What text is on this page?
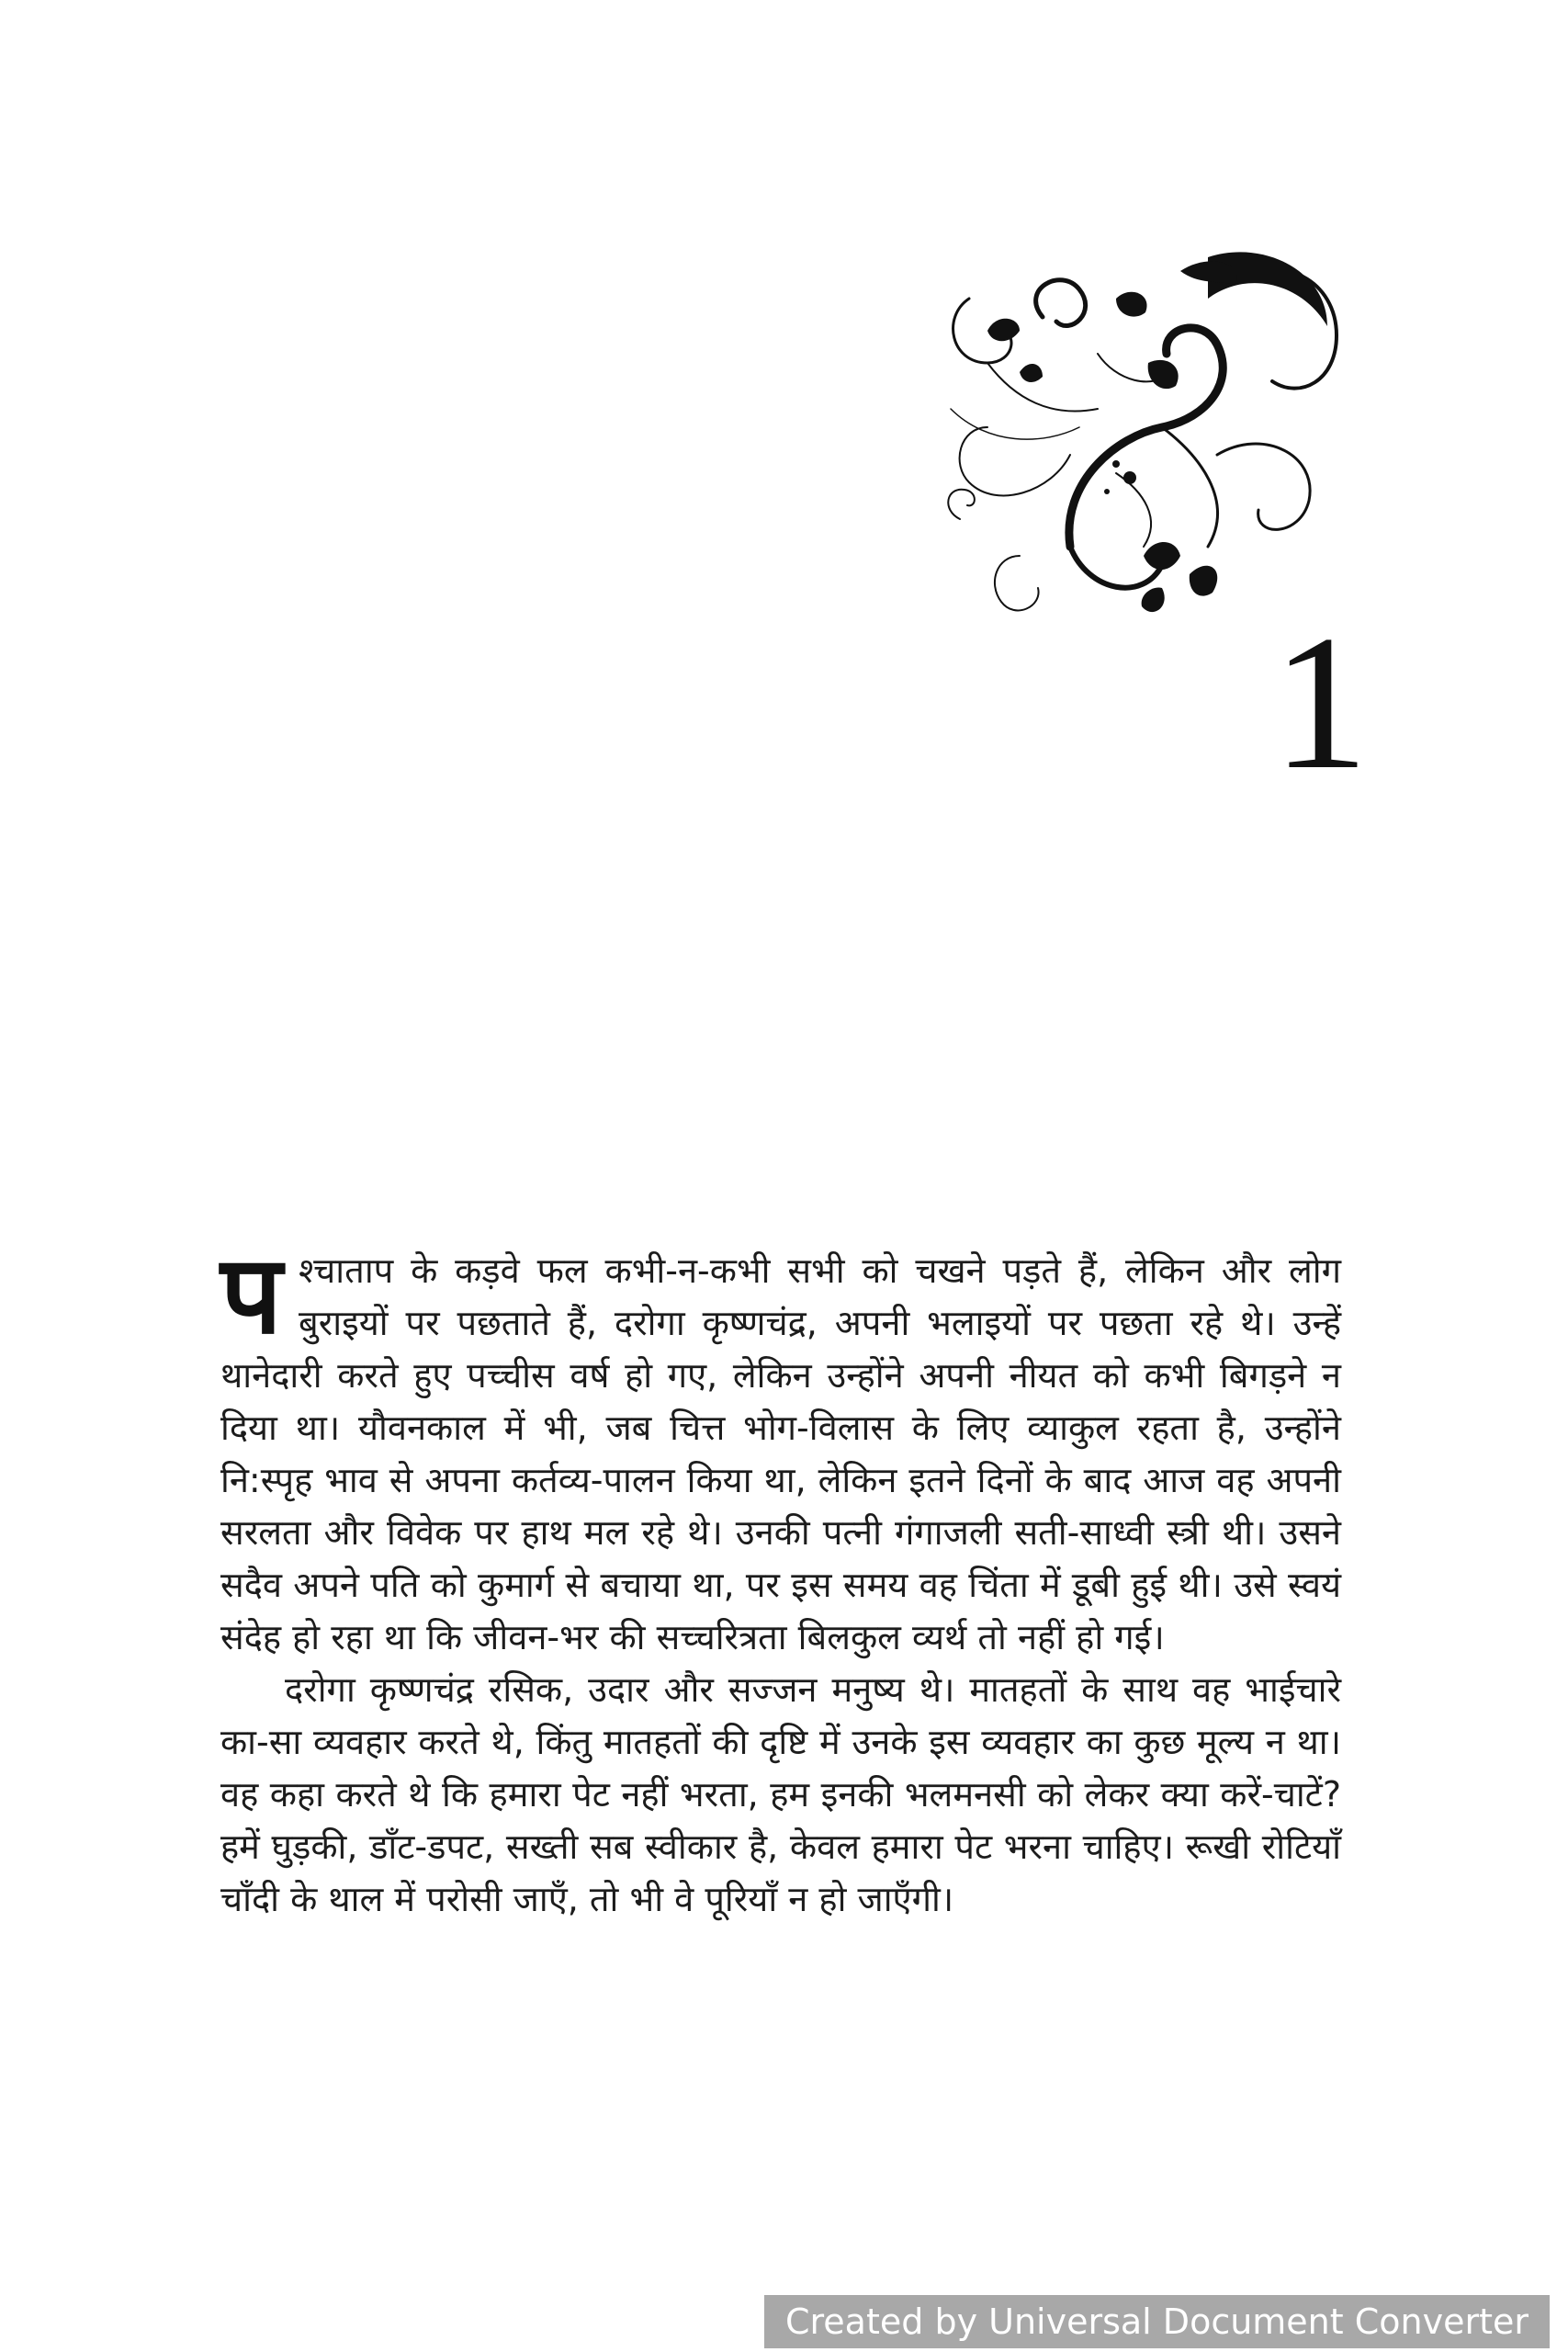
1

पश्चाताप के कड़वे फल कभी-न-कभी सभी को चखने पड़ते हैं, लेकिन और लोग बुराइयों पर पछताते हैं, दरोगा कृष्णचंद्र, अपनी भलाइयों पर पछता रहे थे। उन्हें थानेदारी करते हुए पच्चीस वर्ष हो गए, लेकिन उन्होंने अपनी नीयत को कभी बिगड़ने न दिया था। यौवनकाल में भी, जब चित्त भोग-विलास के लिए व्याकुल रहता है, उन्होंने नि:स्पृह भाव से अपना कर्तव्य-पालन किया था, लेकिन इतने दिनों के बाद आज वह अपनी सरलता और विवेक पर हाथ मल रहे थे। उनकी पत्नी गंगाजली सती-साध्वी स्त्री थी। उसने सदैव अपने पति को कुमार्ग से बचाया था, पर इस समय वह चिंता में डूबी हुई थी। उसे स्वयं संदेह हो रहा था कि जीवन-भर की सच्चरित्रता बिलकुल व्यर्थ तो नहीं हो गई।

दरोगा कृष्णचंद्र रसिक, उदार और सज्जन मनुष्य थे। मातहतों के साथ वह भाईचारे का-सा व्यवहार करते थे, किंतु मातहतों की दृष्टि में उनके इस व्यवहार का कुछ मूल्य न था। वह कहा करते थे कि हमारा पेट नहीं भरता, हम इनकी भलमनसी को लेकर क्या करें-चाटें? हमें घुड़की, डाँट-डपट, सख्ती सब स्वीकार है, केवल हमारा पेट भरना चाहिए। रूखी रोटियाँ चाँदी के थाल में परोसी जाएँ, तो भी वे पूरियाँ न हो जाएँगी।

Created by Universal Document Converter
